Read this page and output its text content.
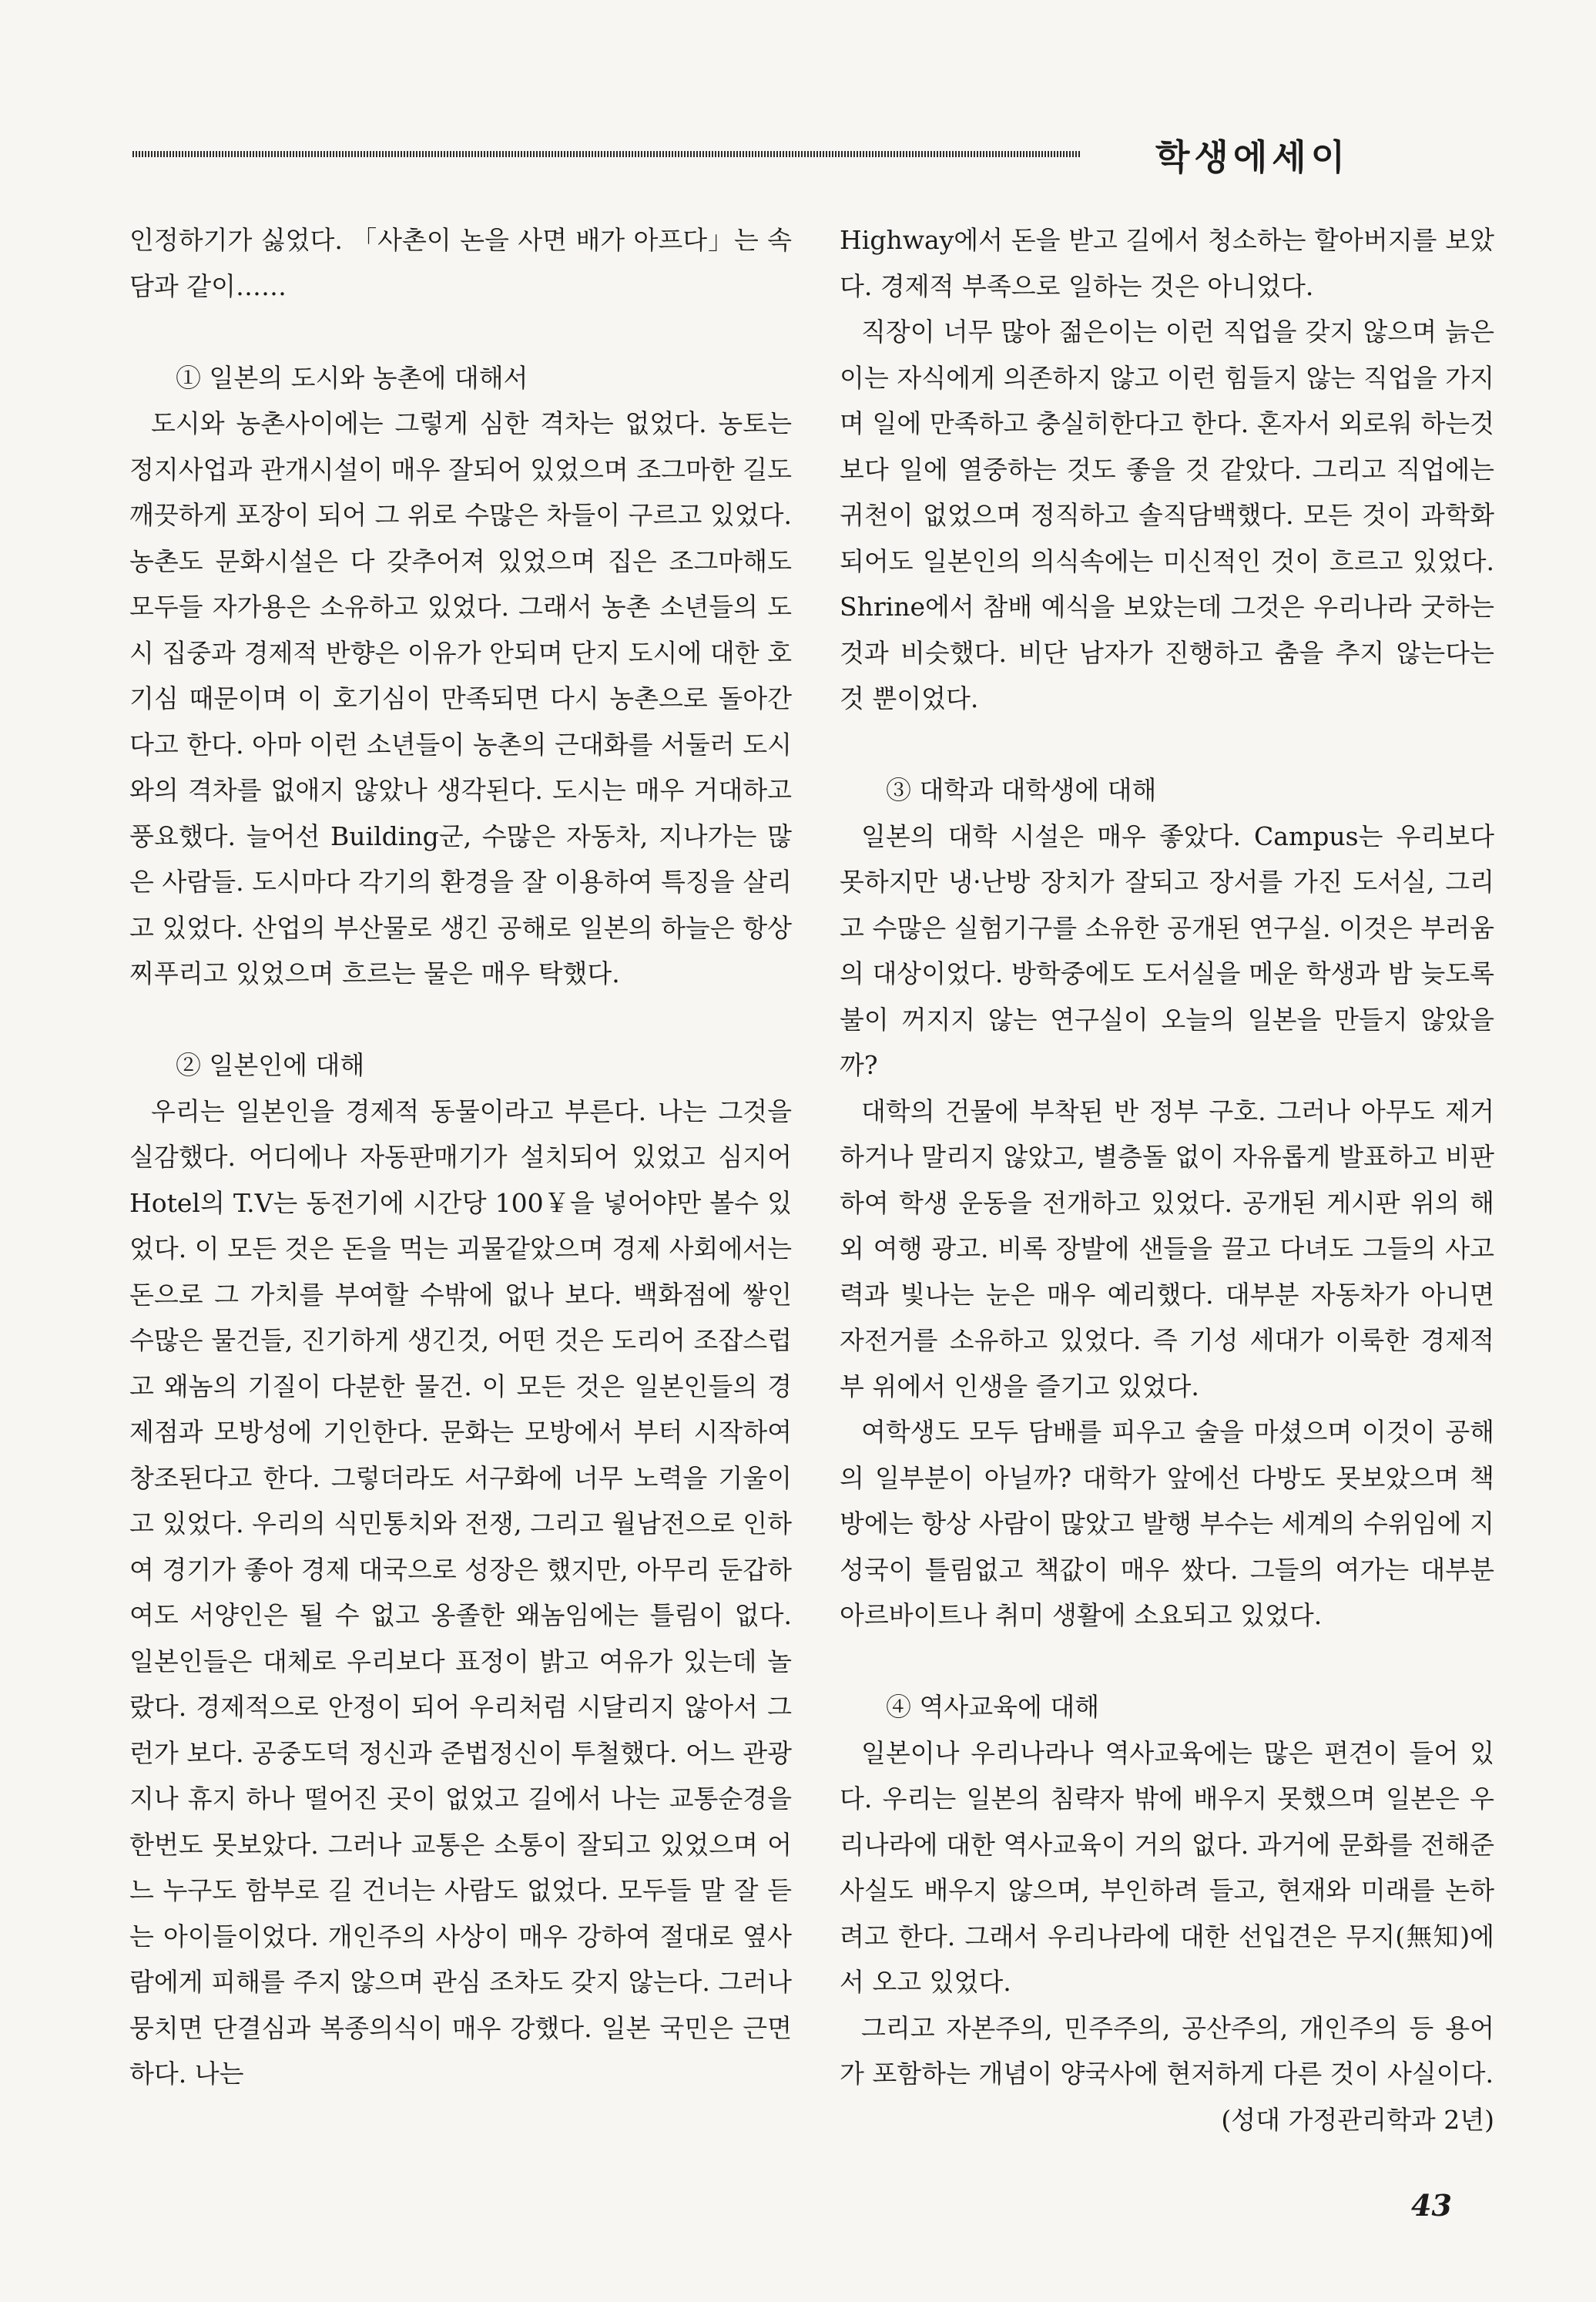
학생에세이

인정하기가 싫었다. 「사촌이 논을 사면 배가 아프다」는 속담과 같이……

① 일본의 도시와 농촌에 대해서

도시와 농촌사이에는 그렇게 심한 격차는 없었다. 농토는 정지사업과 관개시설이 매우 잘되어 있었으며 조그마한 길도 깨끗하게 포장이 되어 그 위로 수많은 차들이 구르고 있었다. 농촌도 문화시설은 다 갖추어져 있었으며 집은 조그마해도 모두들 자가용은 소유하고 있었다. 그래서 농촌 소년들의 도시 집중과 경제적 반향은 이유가 안되며 단지 도시에 대한 호기심 때문이며 이 호기심이 만족되면 다시 농촌으로 돌아간다고 한다. 아마 이런 소년들이 농촌의 근대화를 서둘러 도시와의 격차를 없애지 않았나 생각된다. 도시는 매우 거대하고 풍요했다. 늘어선 Building군, 수많은 자동차, 지나가는 많은 사람들. 도시마다 각기의 환경을 잘 이용하여 특징을 살리고 있었다. 산업의 부산물로 생긴 공해로 일본의 하늘은 항상 찌푸리고 있었으며 흐르는 물은 매우 탁했다.

② 일본인에 대해

우리는 일본인을 경제적 동물이라고 부른다. 나는 그것을 실감했다. 어디에나 자동판매기가 설치되어 있었고 심지어 Hotel의 T.V는 동전기에 시간당 100￥을 넣어야만 볼수 있었다. 이 모든 것은 돈을 먹는 괴물같았으며 경제 사회에서는 돈으로 그 가치를 부여할 수밖에 없나 보다. 백화점에 쌓인 수많은 물건들, 진기하게 생긴것, 어떤 것은 도리어 조잡스럽고 왜놈의 기질이 다분한 물건. 이 모든 것은 일본인들의 경제점과 모방성에 기인한다. 문화는 모방에서 부터 시작하여 창조된다고 한다. 그렇더라도 서구화에 너무 노력을 기울이고 있었다. 우리의 식민통치와 전쟁, 그리고 월남전으로 인하여 경기가 좋아 경제 대국으로 성장은 했지만, 아무리 둔갑하여도 서양인은 될 수 없고 옹졸한 왜놈임에는 틀림이 없다. 일본인들은 대체로 우리보다 표정이 밝고 여유가 있는데 놀랐다. 경제적으로 안정이 되어 우리처럼 시달리지 않아서 그런가 보다. 공중도덕 정신과 준법정신이 투철했다. 어느 관광지나 휴지 하나 떨어진 곳이 없었고 길에서 나는 교통순경을 한번도 못보았다. 그러나 교통은 소통이 잘되고 있었으며 어느 누구도 함부로 길 건너는 사람도 없었다. 모두들 말 잘 듣는 아이들이었다. 개인주의 사상이 매우 강하여 절대로 옆사람에게 피해를 주지 않으며 관심 조차도 갖지 않는다. 그러나 뭉치면 단결심과 복종의식이 매우 강했다. 일본 국민은 근면하다. 나는

Highway에서 돈을 받고 길에서 청소하는 할아버지를 보았다. 경제적 부족으로 일하는 것은 아니었다.

직장이 너무 많아 젊은이는 이런 직업을 갖지 않으며 늙은이는 자식에게 의존하지 않고 이런 힘들지 않는 직업을 가지며 일에 만족하고 충실히한다고 한다. 혼자서 외로워 하는것 보다 일에 열중하는 것도 좋을 것 같았다. 그리고 직업에는 귀천이 없었으며 정직하고 솔직담백했다. 모든 것이 과학화되어도 일본인의 의식속에는 미신적인 것이 흐르고 있었다. Shrine에서 참배 예식을 보았는데 그것은 우리나라 굿하는 것과 비슷했다. 비단 남자가 진행하고 춤을 추지 않는다는 것 뿐이었다.

③ 대학과 대학생에 대해

일본의 대학 시설은 매우 좋았다. Campus는 우리보다 못하지만 냉·난방 장치가 잘되고 장서를 가진 도서실, 그리고 수많은 실험기구를 소유한 공개된 연구실. 이것은 부러움의 대상이었다. 방학중에도 도서실을 메운 학생과 밤 늦도록 불이 꺼지지 않는 연구실이 오늘의 일본을 만들지 않았을까?

대학의 건물에 부착된 반 정부 구호. 그러나 아무도 제거하거나 말리지 않았고, 별층돌 없이 자유롭게 발표하고 비판하여 학생 운동을 전개하고 있었다. 공개된 게시판 위의 해외 여행 광고. 비록 장발에 샌들을 끌고 다녀도 그들의 사고력과 빛나는 눈은 매우 예리했다. 대부분 자동차가 아니면 자전거를 소유하고 있었다. 즉 기성 세대가 이룩한 경제적 부 위에서 인생을 즐기고 있었다.

여학생도 모두 담배를 피우고 술을 마셨으며 이것이 공해의 일부분이 아닐까? 대학가 앞에선 다방도 못보았으며 책방에는 항상 사람이 많았고 발행 부수는 세계의 수위임에 지성국이 틀림없고 책값이 매우 쌌다. 그들의 여가는 대부분 아르바이트나 취미 생활에 소요되고 있었다.

④ 역사교육에 대해

일본이나 우리나라나 역사교육에는 많은 편견이 들어 있다. 우리는 일본의 침략자 밖에 배우지 못했으며 일본은 우리나라에 대한 역사교육이 거의 없다. 과거에 문화를 전해준 사실도 배우지 않으며, 부인하려 들고, 현재와 미래를 논하려고 한다. 그래서 우리나라에 대한 선입견은 무지(無知)에서 오고 있었다.

그리고 자본주의, 민주주의, 공산주의, 개인주의 등 용어가 포함하는 개념이 양국사에 현저하게 다른 것이 사실이다.

(성대 가정관리학과 2년)

43
